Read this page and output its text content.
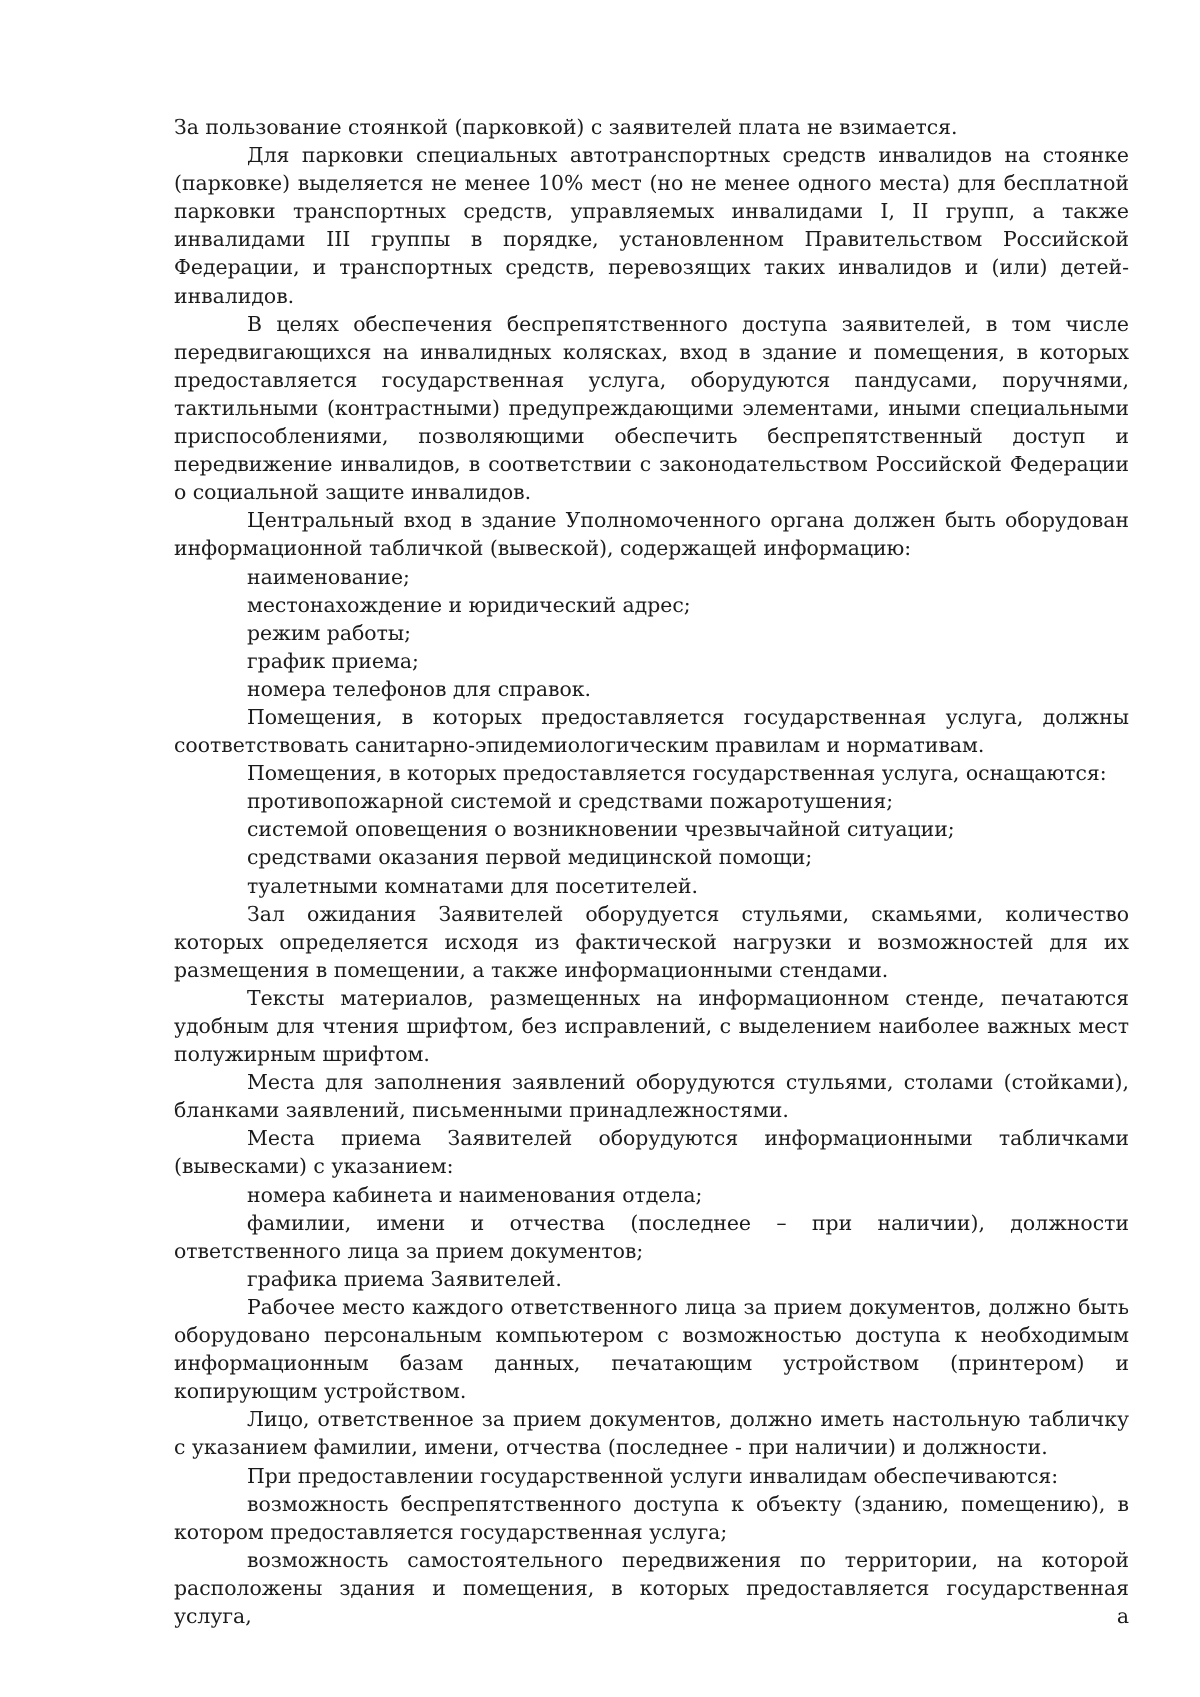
За пользование стоянкой (парковкой) с заявителей плата не взимается.

Для парковки специальных автотранспортных средств инвалидов на стоянке (парковке) выделяется не менее 10% мест (но не менее одного места) для бесплатной парковки транспортных средств, управляемых инвалидами I, II групп, а также инвалидами III группы в порядке, установленном Правительством Российской Федерации, и транспортных средств, перевозящих таких инвалидов и (или) детей-инвалидов.

В целях обеспечения беспрепятственного доступа заявителей, в том числе передвигающихся на инвалидных колясках, вход в здание и помещения, в которых предоставляется государственная услуга, оборудуются пандусами, поручнями, тактильными (контрастными) предупреждающими элементами, иными специальными приспособлениями, позволяющими обеспечить беспрепятственный доступ и передвижение инвалидов, в соответствии с законодательством Российской Федерации о социальной защите инвалидов.

Центральный вход в здание Уполномоченного органа должен быть оборудован информационной табличкой (вывеской), содержащей информацию:

наименование;

местонахождение и юридический адрес;

режим работы;

график приема;

номера телефонов для справок.

Помещения, в которых предоставляется государственная услуга, должны соответствовать санитарно-эпидемиологическим правилам и нормативам.

Помещения, в которых предоставляется государственная услуга, оснащаются:

противопожарной системой и средствами пожаротушения;

системой оповещения о возникновении чрезвычайной ситуации;

средствами оказания первой медицинской помощи;

туалетными комнатами для посетителей.

Зал ожидания Заявителей оборудуется стульями, скамьями, количество которых определяется исходя из фактической нагрузки и возможностей для их размещения в помещении, а также информационными стендами.

Тексты материалов, размещенных на информационном стенде, печатаются удобным для чтения шрифтом, без исправлений, с выделением наиболее важных мест полужирным шрифтом.

Места для заполнения заявлений оборудуются стульями, столами (стойками), бланками заявлений, письменными принадлежностями.

Места приема Заявителей оборудуются информационными табличками (вывесками) с указанием:

номера кабинета и наименования отдела;

фамилии, имени и отчества (последнее – при наличии), должности ответственного лица за прием документов;

графика приема Заявителей.

Рабочее место каждого ответственного лица за прием документов, должно быть оборудовано персональным компьютером с возможностью доступа к необходимым информационным базам данных, печатающим устройством (принтером) и копирующим устройством.

Лицо, ответственное за прием документов, должно иметь настольную табличку с указанием фамилии, имени, отчества (последнее - при наличии) и должности.

При предоставлении государственной услуги инвалидам обеспечиваются:

возможность беспрепятственного доступа к объекту (зданию, помещению), в котором предоставляется государственная услуга;

возможность самостоятельного передвижения по территории, на которой расположены здания и помещения, в которых предоставляется государственная услуга, а
